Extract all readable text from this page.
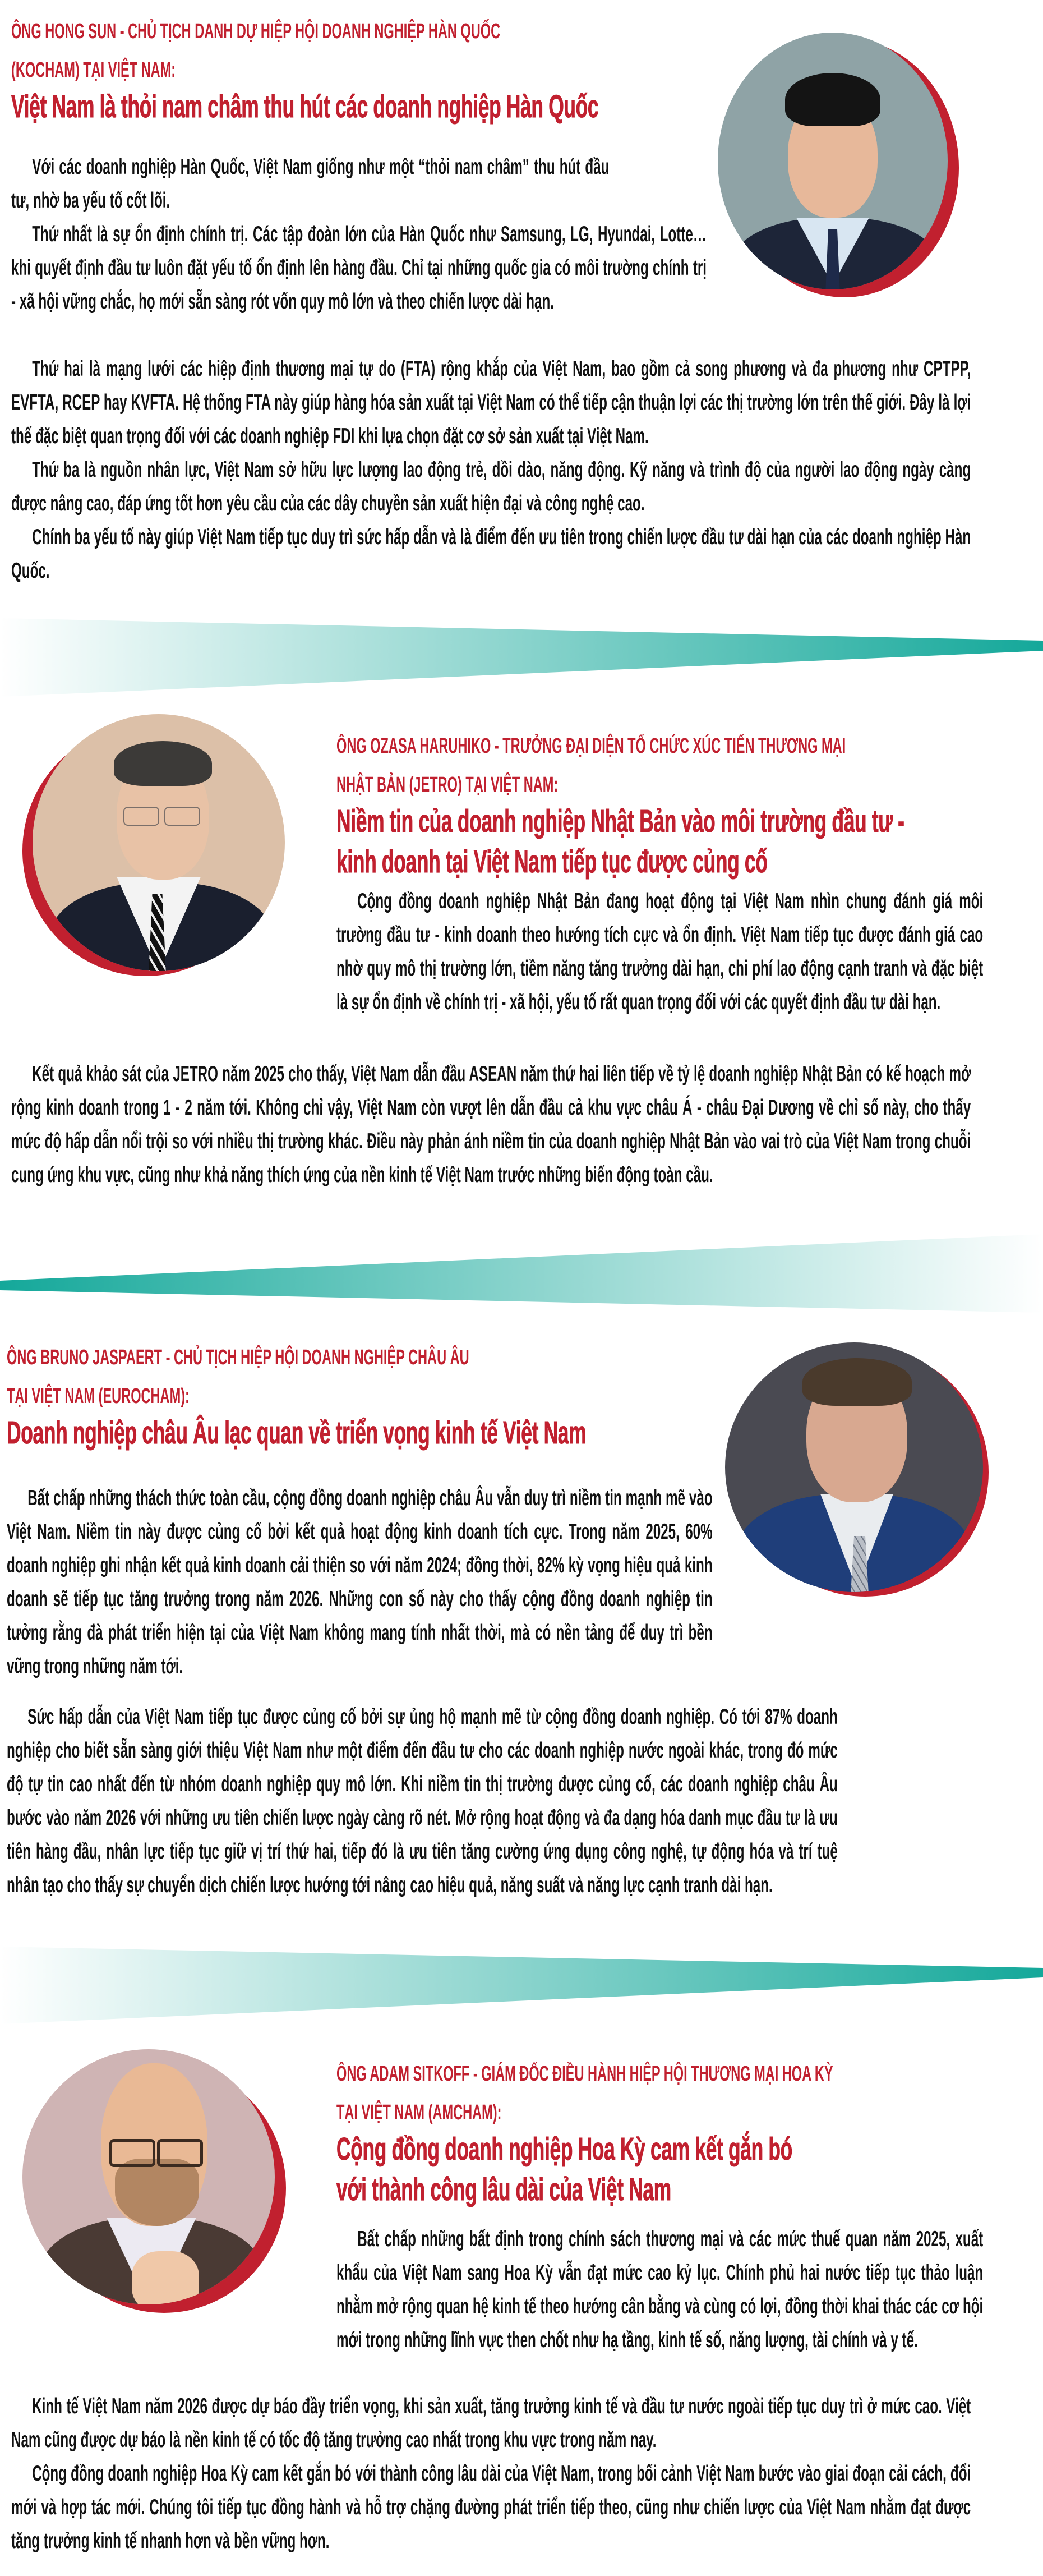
ÔNG HONG SUN - CHỦ TỊCH DANH DỰ HIỆP HỘI DOANH NGHIỆP HÀN QUỐC
(KOCHAM) TẠI VIỆT NAM:
Việt Nam là thỏi nam châm thu hút các doanh nghiệp Hàn Quốc

Với các doanh nghiệp Hàn Quốc, Việt Nam giống như một “thỏi nam châm” thu hút đầu tư, nhờ ba yếu tố cốt lõi.

ÔNG OZASA HARUHIKO - TRƯỞNG ĐẠI DIỆN TỔ CHỨC XÚC TIẾN THƯƠNG MẠI
NHẬT BẢN (JETRO) TẠI VIỆT NAM:
Niềm tin của doanh nghiệp Nhật Bản vào môi trường đầu tư -
kinh doanh tại Việt Nam tiếp tục được củng cố

Cộng đồng doanh nghiệp Nhật Bản đang hoạt động tại Việt Nam nhìn chung đánh giá môi trường đầu tư - kinh doanh theo hướng tích cực và ổn định. Việt Nam tiếp tục được đánh giá cao nhờ quy mô thị trường lớn, tiềm năng tăng trưởng dài hạn, chi phí lao động cạnh tranh và đặc biệt là sự ổn định về chính trị - xã hội, yếu tố rất quan trọng đối với các quyết định đầu tư dài hạn.

Kết quả khảo sát của JETRO năm 2025 cho thấy, Việt Nam dẫn đầu ASEAN năm thứ hai liên tiếp về tỷ lệ doanh nghiệp Nhật Bản có kế hoạch mở rộng kinh doanh trong 1 - 2 năm tới. Không chỉ vậy, Việt Nam còn vượt lên dẫn đầu cả khu vực châu Á - châu Đại Dương về chỉ số này, cho thấy mức độ hấp dẫn nổi trội so với nhiều thị trường khác. Điều này phản ánh niềm tin của doanh nghiệp Nhật Bản vào vai trò của Việt Nam trong chuỗi cung ứng khu vực, cũng như khả năng thích ứng của nền kinh tế Việt Nam trước những biến động toàn cầu.

ÔNG BRUNO JASPAERT - CHỦ TỊCH HIỆP HỘI DOANH NGHIỆP CHÂU ÂU
TẠI VIỆT NAM (EUROCHAM):
Doanh nghiệp châu Âu lạc quan về triển vọng kinh tế Việt Nam

Bất chấp những thách thức toàn cầu, cộng đồng doanh nghiệp châu Âu vẫn duy trì niềm tin mạnh mẽ vào Việt Nam. Niềm tin này được củng cố bởi kết quả hoạt động kinh doanh tích cực. Trong năm 2025, 60% doanh nghiệp ghi nhận kết quả kinh doanh cải thiện so với năm 2024; đồng thời, 82% kỳ vọng hiệu quả kinh doanh sẽ tiếp tục tăng trưởng trong năm 2026. Những con số này cho thấy cộng đồng doanh nghiệp tin tưởng rằng đà phát triển hiện tại của Việt Nam không mang tính nhất thời, mà có nền tảng để duy trì bền vững trong những năm tới.

Sức hấp dẫn của Việt Nam tiếp tục được củng cố bởi sự ủng hộ mạnh mẽ từ cộng đồng doanh nghiệp. Có tới 87% doanh nghiệp cho biết sẵn sàng giới thiệu Việt Nam như một điểm đến đầu tư cho các doanh nghiệp nước ngoài khác, trong đó mức độ tự tin cao nhất đến từ nhóm doanh nghiệp quy mô lớn. Khi niềm tin thị trường được củng cố, các doanh nghiệp châu Âu bước vào năm 2026 với những ưu tiên chiến lược ngày càng rõ nét. Mở rộng hoạt động và đa dạng hóa danh mục đầu tư là ưu tiên hàng đầu, nhân lực tiếp tục giữ vị trí thứ hai, tiếp đó là ưu tiên tăng cường ứng dụng công nghệ, tự động hóa và trí tuệ nhân tạo cho thấy sự chuyển dịch chiến lược hướng tới nâng cao hiệu quả, năng suất và năng lực cạnh tranh dài hạn.

ÔNG ADAM SITKOFF - GIÁM ĐỐC ĐIỀU HÀNH HIỆP HỘI THƯƠNG MẠI HOA KỲ
TẠI VIỆT NAM (AMCHAM):
Cộng đồng doanh nghiệp Hoa Kỳ cam kết gắn bó
với thành công lâu dài của Việt Nam

Bất chấp những bất định trong chính sách thương mại và các mức thuế quan năm 2025, xuất khẩu của Việt Nam sang Hoa Kỳ vẫn đạt mức cao kỷ lục. Chính phủ hai nước tiếp tục thảo luận nhằm mở rộng quan hệ kinh tế theo hướng cân bằng và cùng có lợi, đồng thời khai thác các cơ hội mới trong những lĩnh vực then chốt như hạ tầng, kinh tế số, năng lượng, tài chính và y tế.

Kinh tế Việt Nam năm 2026 được dự báo đầy triển vọng, khi sản xuất, tăng trưởng kinh tế và đầu tư nước ngoài tiếp tục duy trì ở mức cao. Việt Nam cũng được dự báo là nền kinh tế có tốc độ tăng trưởng cao nhất trong khu vực trong năm nay.

Cộng đồng doanh nghiệp Hoa Kỳ cam kết gắn bó với thành công lâu dài của Việt Nam, trong bối cảnh Việt Nam bước vào giai đoạn cải cách, đổi mới và hợp tác mới. Chúng tôi tiếp tục đồng hành và hỗ trợ chặng đường phát triển tiếp theo, cũng như chiến lược của Việt Nam nhằm đạt được tăng trưởng kinh tế nhanh hơn và bền vững hơn.

Thứ nhất là sự ổn định chính trị. Các tập đoàn lớn của Hàn Quốc như Samsung, LG, Hyundai, Lotte… khi quyết định đầu tư luôn đặt yếu tố ổn định lên hàng đầu. Chỉ tại những quốc gia có môi trường chính trị - xã hội vững chắc, họ mới sẵn sàng rót vốn quy mô lớn và theo chiến lược dài hạn.

Thứ hai là mạng lưới các hiệp định thương mại tự do (FTA) rộng khắp của Việt Nam, bao gồm cả song phương và đa phương như CPTPP, EVFTA, RCEP hay KVFTA. Hệ thống FTA này giúp hàng hóa sản xuất tại Việt Nam có thể tiếp cận thuận lợi các thị trường lớn trên thế giới. Đây là lợi thế đặc biệt quan trọng đối với các doanh nghiệp FDI khi lựa chọn đặt cơ sở sản xuất tại Việt Nam.

Thứ ba là nguồn nhân lực, Việt Nam sở hữu lực lượng lao động trẻ, dồi dào, năng động. Kỹ năng và trình độ của người lao động ngày càng được nâng cao, đáp ứng tốt hơn yêu cầu của các dây chuyền sản xuất hiện đại và công nghệ cao.

Chính ba yếu tố này giúp Việt Nam tiếp tục duy trì sức hấp dẫn và là điểm đến ưu tiên trong chiến lược đầu tư dài hạn của các doanh nghiệp Hàn Quốc.
